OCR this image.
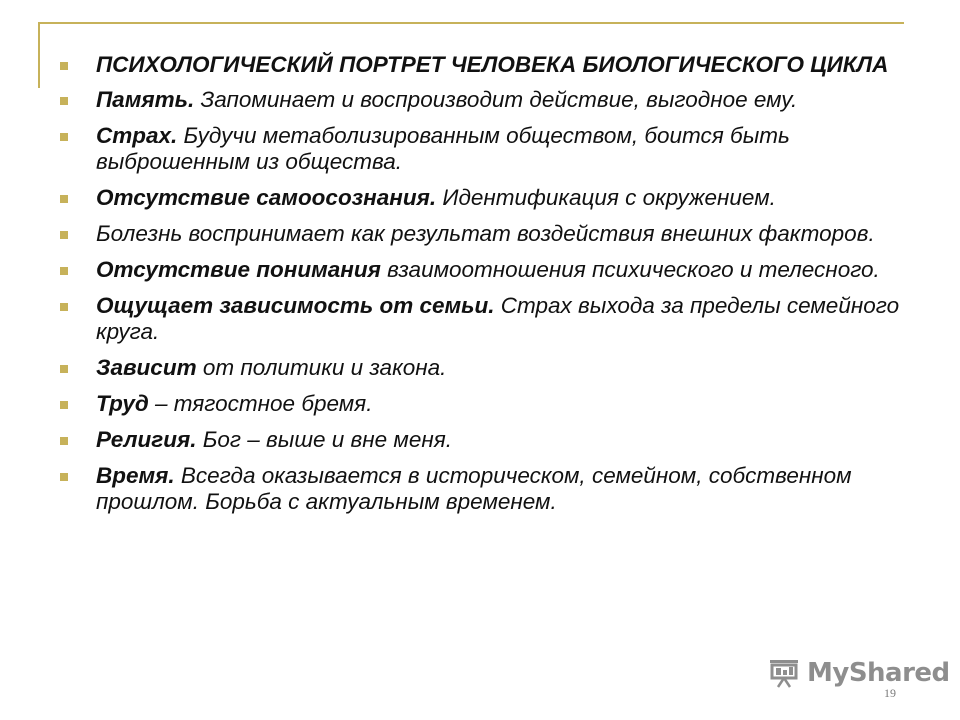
ПСИХОЛОГИЧЕСКИЙ ПОРТРЕТ ЧЕЛОВЕКА БИОЛОГИЧЕСКОГО ЦИКЛА
Память. Запоминает и воспроизводит действие, выгодное ему.
Страх. Будучи метаболизированным обществом, боится быть выброшенным из общества.
Отсутствие самоосознания. Идентификация с окружением.
Болезнь воспринимает как результат воздействия внешних факторов.
Отсутствие понимания взаимоотношения психического и телесного.
Ощущает зависимость от семьи. Страх выхода за пределы семейного круга.
Зависит от политики и закона.
Труд – тягостное бремя.
Религия. Бог – выше и вне меня.
Время. Всегда оказывается в историческом, семейном, собственном прошлом. Борьба с актуальным временем.
MyShared
19
